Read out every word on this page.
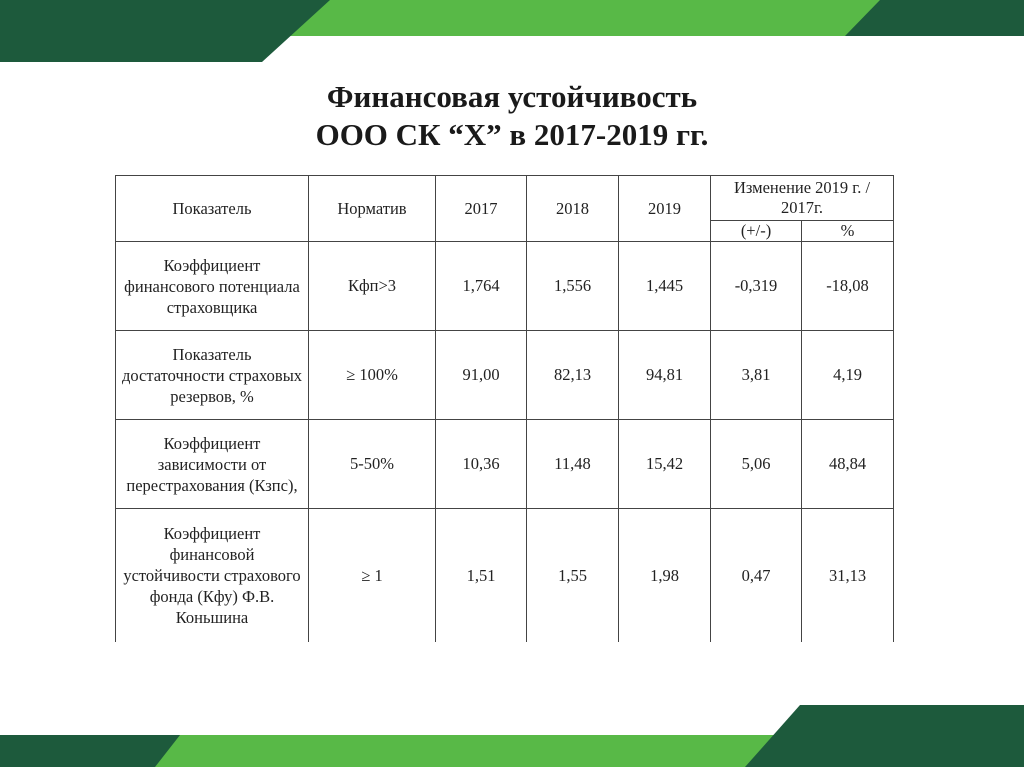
Финансовая устойчивость
ООО СК “Х” в 2017-2019 гг.
Показатель	Норматив	2017	2018	2019	Изменение 2019 г. / 2017г.	
					(+/-)	%
Коэффициент финансового потенциала страховщика	Кфп>3	1,764	1,556	1,445	-0,319	-18,08
Показатель достаточности страховых резервов, %	≥ 100%	91,00	82,13	94,81	3,81	4,19
Коэффициент зависимости от перестрахования (Кзпс),	5-50%	10,36	11,48	15,42	5,06	48,84
Коэффициент финансовой устойчивости страхового фонда (Кфу) Ф.В. Коньшина	≥ 1	1,51	1,55	1,98	0,47	31,13
